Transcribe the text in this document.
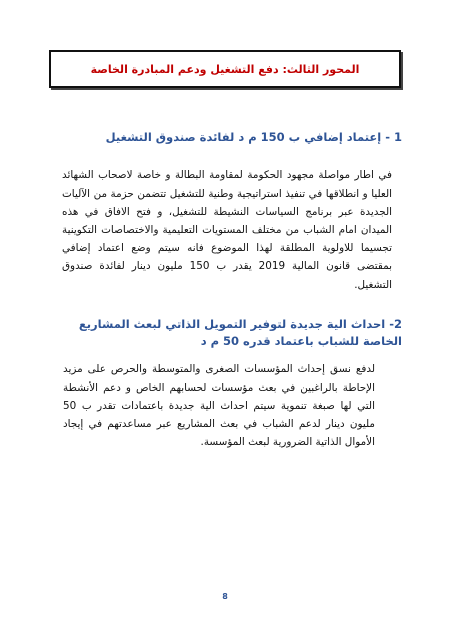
المحور الثالث: دفع التشغيل ودعم المبادرة الخاصة
1 - إعتماد إضافي ب 150 م د لفائدة صندوق التشغيل

في اطار مواصلة مجهود الحكومة لمقاومة البطالة و خاصة لاصحاب الشهائد العليا و انطلاقها في تنفيذ استراتيجية وطنية للتشغيل تتضمن حزمة من الآليات الجديدة عبر برنامج السياسات النشيطة للتشغيل، و فتح الافاق في هذه الميدان امام الشباب من مختلف المستويات التعليمية والاختصاصات التكوينية تجسيما للاولوية المطلقة لهذا الموضوع فانه سيتم وضع اعتماد إضافي بمقتضى قانون المالية 2019 يقدر ب 150 مليون دينار لفائدة صندوق التشغيل.

2- احداث الية جديدة لتوفير التمويل الذاتي لبعث المشاريع الخاصة للشباب باعتماد قدره 50 م د

لدفع نسق إحداث المؤسسات الصغرى والمتوسطة والحرص على مزيد الإحاطة بالراغبين في بعث مؤسسات لحسابهم الخاص و دعم الأنشطة التي لها صبغة تنموية سيتم احداث الية جديدة باعتمادات تقدر ب 50 مليون دينار لدعم الشباب في بعث المشاريع عبر مساعدتهم في إيجاد الأموال الذاتية الضرورية لبعث المؤسسة.

8
